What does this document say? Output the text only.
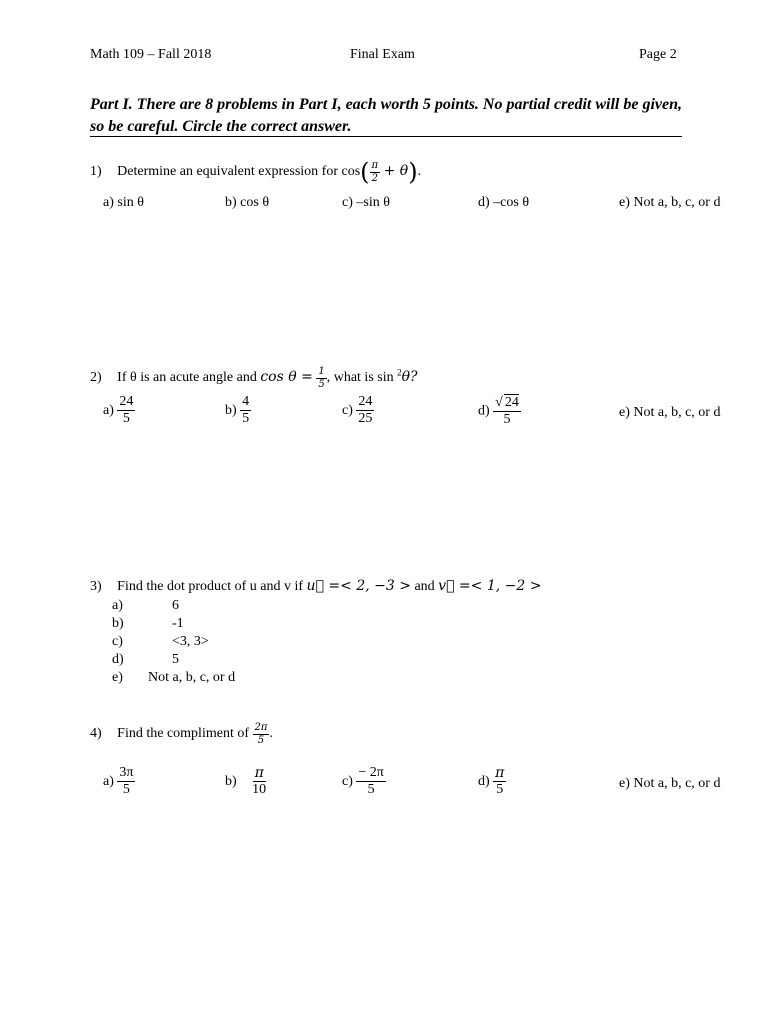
Math 109 – Fall 2018	Final Exam	Page 2
Part I. There are 8 problems in Part I, each worth 5 points. No partial credit will be given, so be careful. Circle the correct answer.
1) Determine an equivalent expression for $\cos( \frac{\pi}{2} + \theta)$.
a) sin θ	b) cos θ	c) –sin θ	d) –cos θ	e) Not a, b, c, or d
2) If θ is an acute angle and $\cos \theta = \frac{1}{5}$ , what is sin $^2$θ?
$a) \frac{24}{5}$	$b) \frac{4}{5}$	$c) \frac{24}{25}$	$d) \frac{√ 24}{5}$	e) Not a, b, c, or d
3) Find the dot product of u and v if u⃗ =< 2, −3 > and v⃗ =< 1, −2 >
a)	6
b)	-1
c)	<3, 3>
d)	5
e) Not a, b, c, or d
4) Find the compliment of $\frac{2\pi}{5}$ .
$a) \frac{3\pi}{5}$	$b) \frac{\pi}{10}$	$c) \frac{- 2\pi}{5}$	$d) \frac{\pi}{5}$	e) Not a, b, c, or d
